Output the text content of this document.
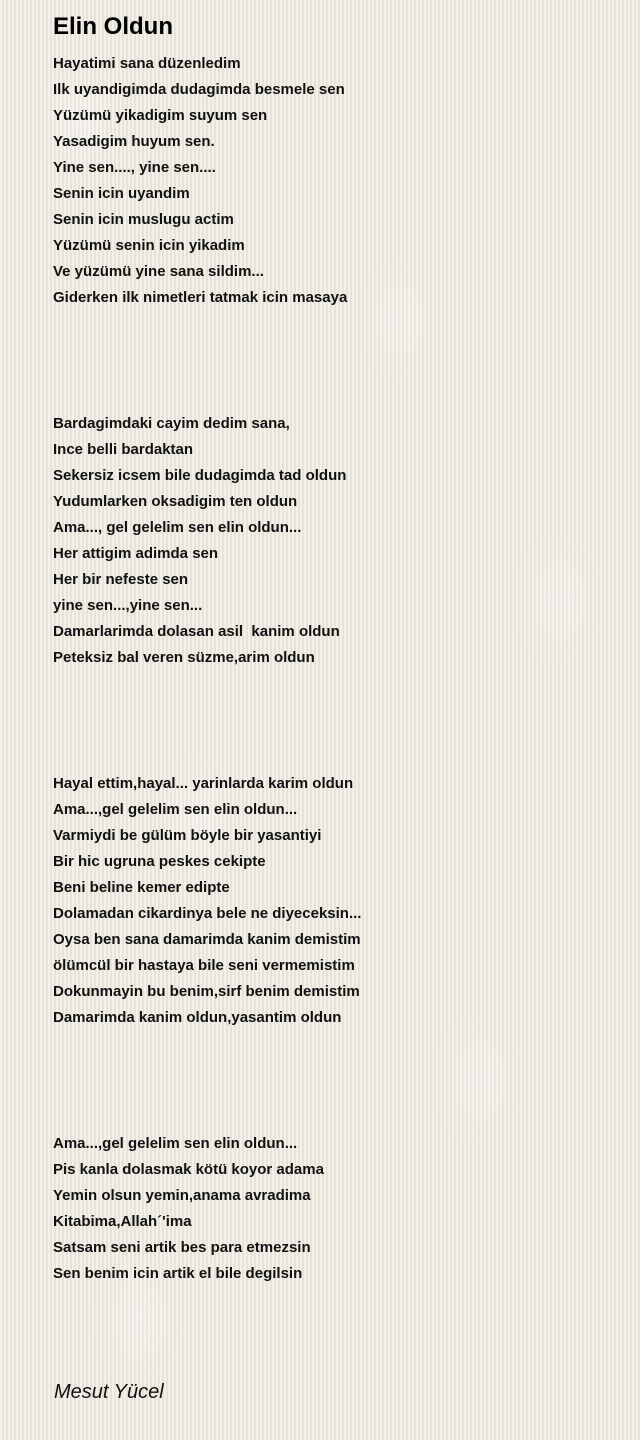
Elin Oldun
Hayatimi sana düzenledim
Ilk uyandigimda dudagimda besmele sen
Yüzümü yikadigim suyum sen
Yasadigim huyum sen.
Yine sen...., yine sen....
Senin icin uyandim
Senin icin muslugu actim
Yüzümü senin icin yikadim
Ve yüzümü yine sana sildim...
Giderken ilk nimetleri tatmak icin masaya
Bardagimdaki cayim dedim sana,
Ince belli bardaktan
Sekersiz icsem bile dudagimda tad oldun
Yudumlarken oksadigim ten oldun
Ama..., gel gelelim sen elin oldun...
Her attigim adimda sen
Her bir nefeste sen
yine sen...,yine sen...
Damarlarimda dolasan asil  kanim oldun
Peteksiz bal veren süzme,arim oldun
Hayal ettim,hayal... yarinlarda karim oldun
Ama...,gel gelelim sen elin oldun...
Varmiydi be gülüm böyle bir yasantiyi
Bir hic ugruna peskes cekipte
Beni beline kemer edipte
Dolamadan cikardinya bele ne diyeceksin...
Oysa ben sana damarimda kanim demistim
ölümcül bir hastaya bile seni vermemistim
Dokunmayin bu benim,sirf benim demistim
Damarimda kanim oldun,yasantim oldun
Ama...,gel gelelim sen elin oldun...
Pis kanla dolasmak kötü koyor adama
Yemin olsun yemin,anama avradima
Kitabima,Allah´'ima
Satsam seni artik bes para etmezsin
Sen benim icin artik el bile degilsin

Mesut Yücel
